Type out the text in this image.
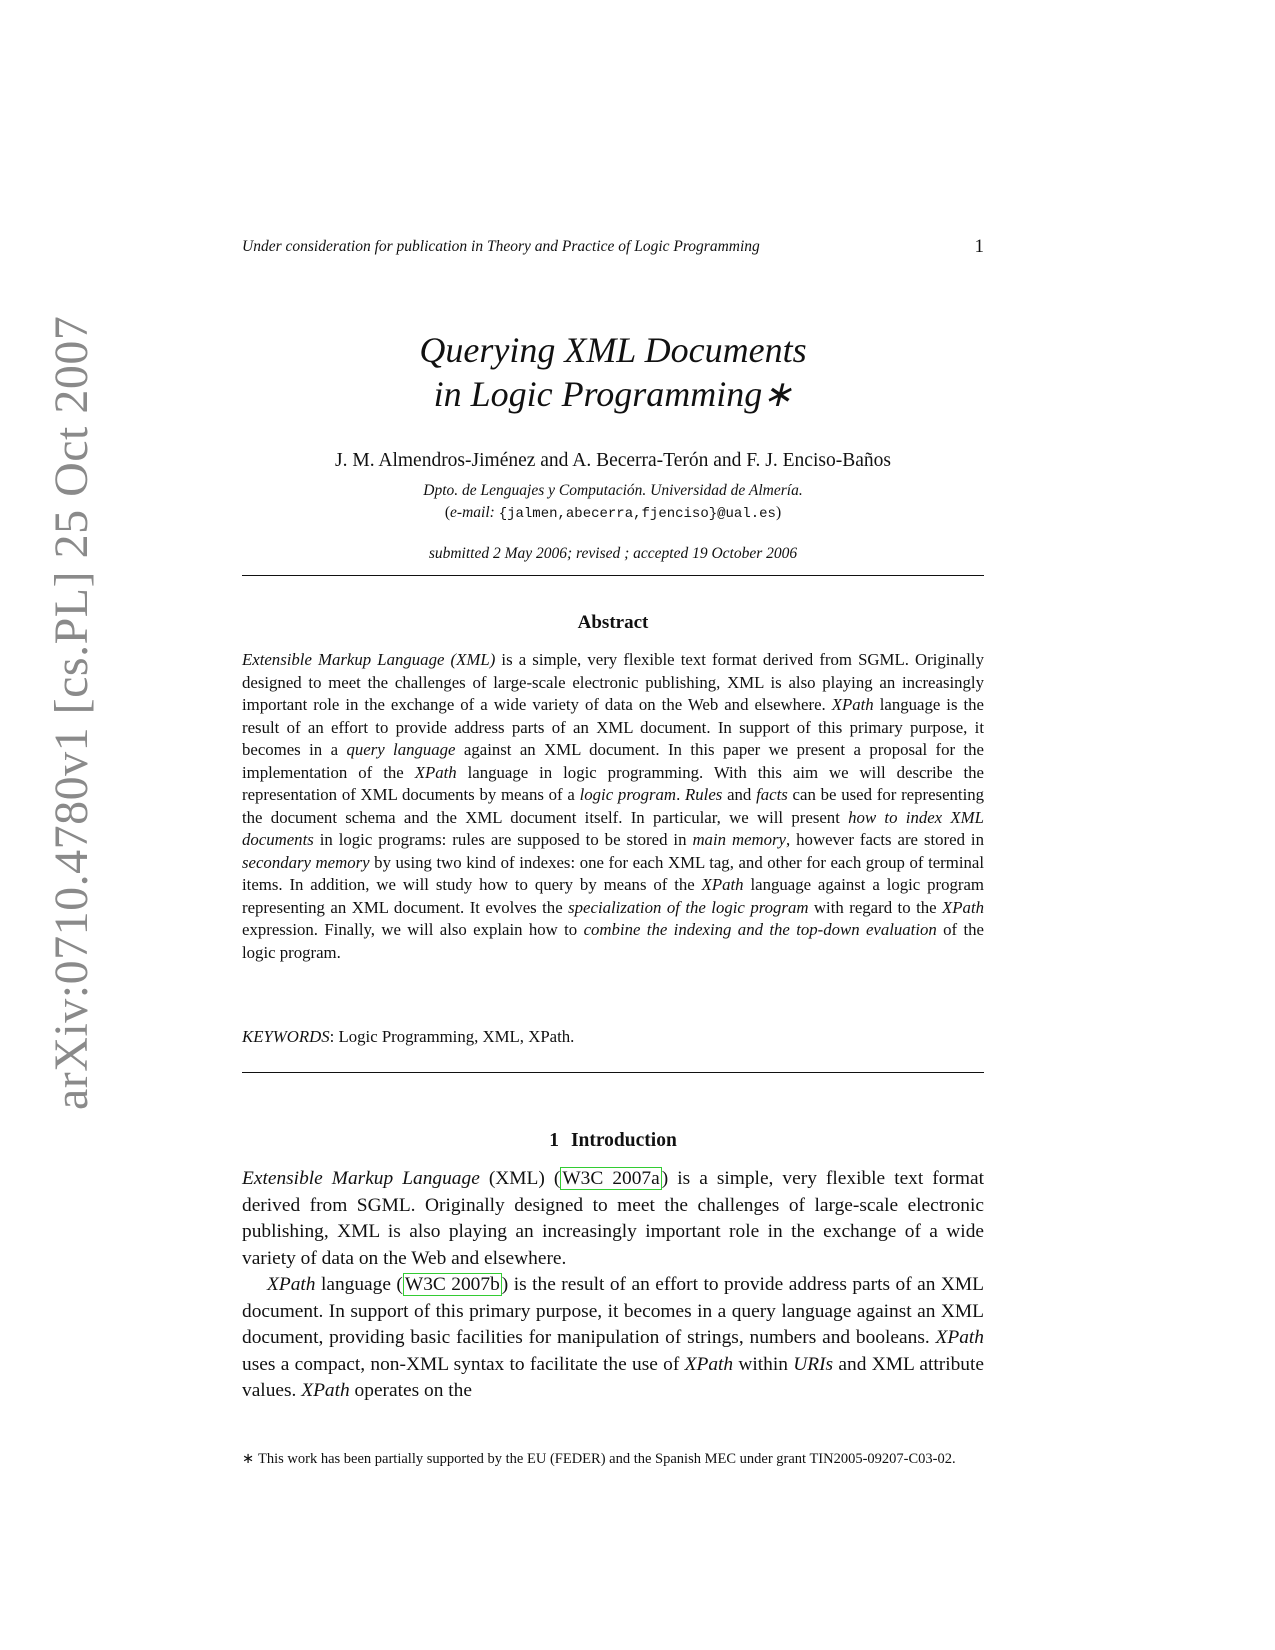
arXiv:0710.4780v1 [cs.PL] 25 Oct 2007
Under consideration for publication in Theory and Practice of Logic Programming	1
Querying XML Documents
in Logic Programming∗
J. M. Almendros-Jiménez and A. Becerra-Terón and F. J. Enciso-Baños
Dpto. de Lenguajes y Computación. Universidad de Almería.
(e-mail: {jalmen,abecerra,fjenciso}@ual.es)
submitted 2 May 2006; revised ; accepted 19 October 2006
Abstract

Extensible Markup Language (XML) is a simple, very flexible text format derived from SGML. Originally designed to meet the challenges of large-scale electronic publishing, XML is also playing an increasingly important role in the exchange of a wide variety of data on the Web and elsewhere. XPath language is the result of an effort to provide address parts of an XML document. In support of this primary purpose, it becomes in a query language against an XML document. In this paper we present a proposal for the implementation of the XPath language in logic programming. With this aim we will describe the representation of XML documents by means of a logic program. Rules and facts can be used for representing the document schema and the XML document itself. In particular, we will present how to index XML documents in logic programs: rules are supposed to be stored in main memory, however facts are stored in secondary memory by using two kind of indexes: one for each XML tag, and other for each group of terminal items. In addition, we will study how to query by means of the XPath language against a logic program representing an XML document. It evolves the specialization of the logic program with regard to the XPath expression. Finally, we will also explain how to combine the indexing and the top-down evaluation of the logic program.

KEYWORDS: Logic Programming, XML, XPath.
1 Introduction

Extensible Markup Language (XML) ( W3C 2007a ) is a simple, very flexible text format derived from SGML. Originally designed to meet the challenges of large-scale electronic publishing, XML is also playing an increasingly important role in the exchange of a wide variety of data on the Web and elsewhere.

XPath language ( W3C 2007b ) is the result of an effort to provide address parts of an XML document. In support of this primary purpose, it becomes in a query language against an XML document, providing basic facilities for manipulation of strings, numbers and booleans. XPath uses a compact, non-XML syntax to facilitate the use of XPath within URIs and XML attribute values. XPath operates on the

∗ This work has been partially supported by the EU (FEDER) and the Spanish MEC under grant TIN2005-09207-C03-02.
